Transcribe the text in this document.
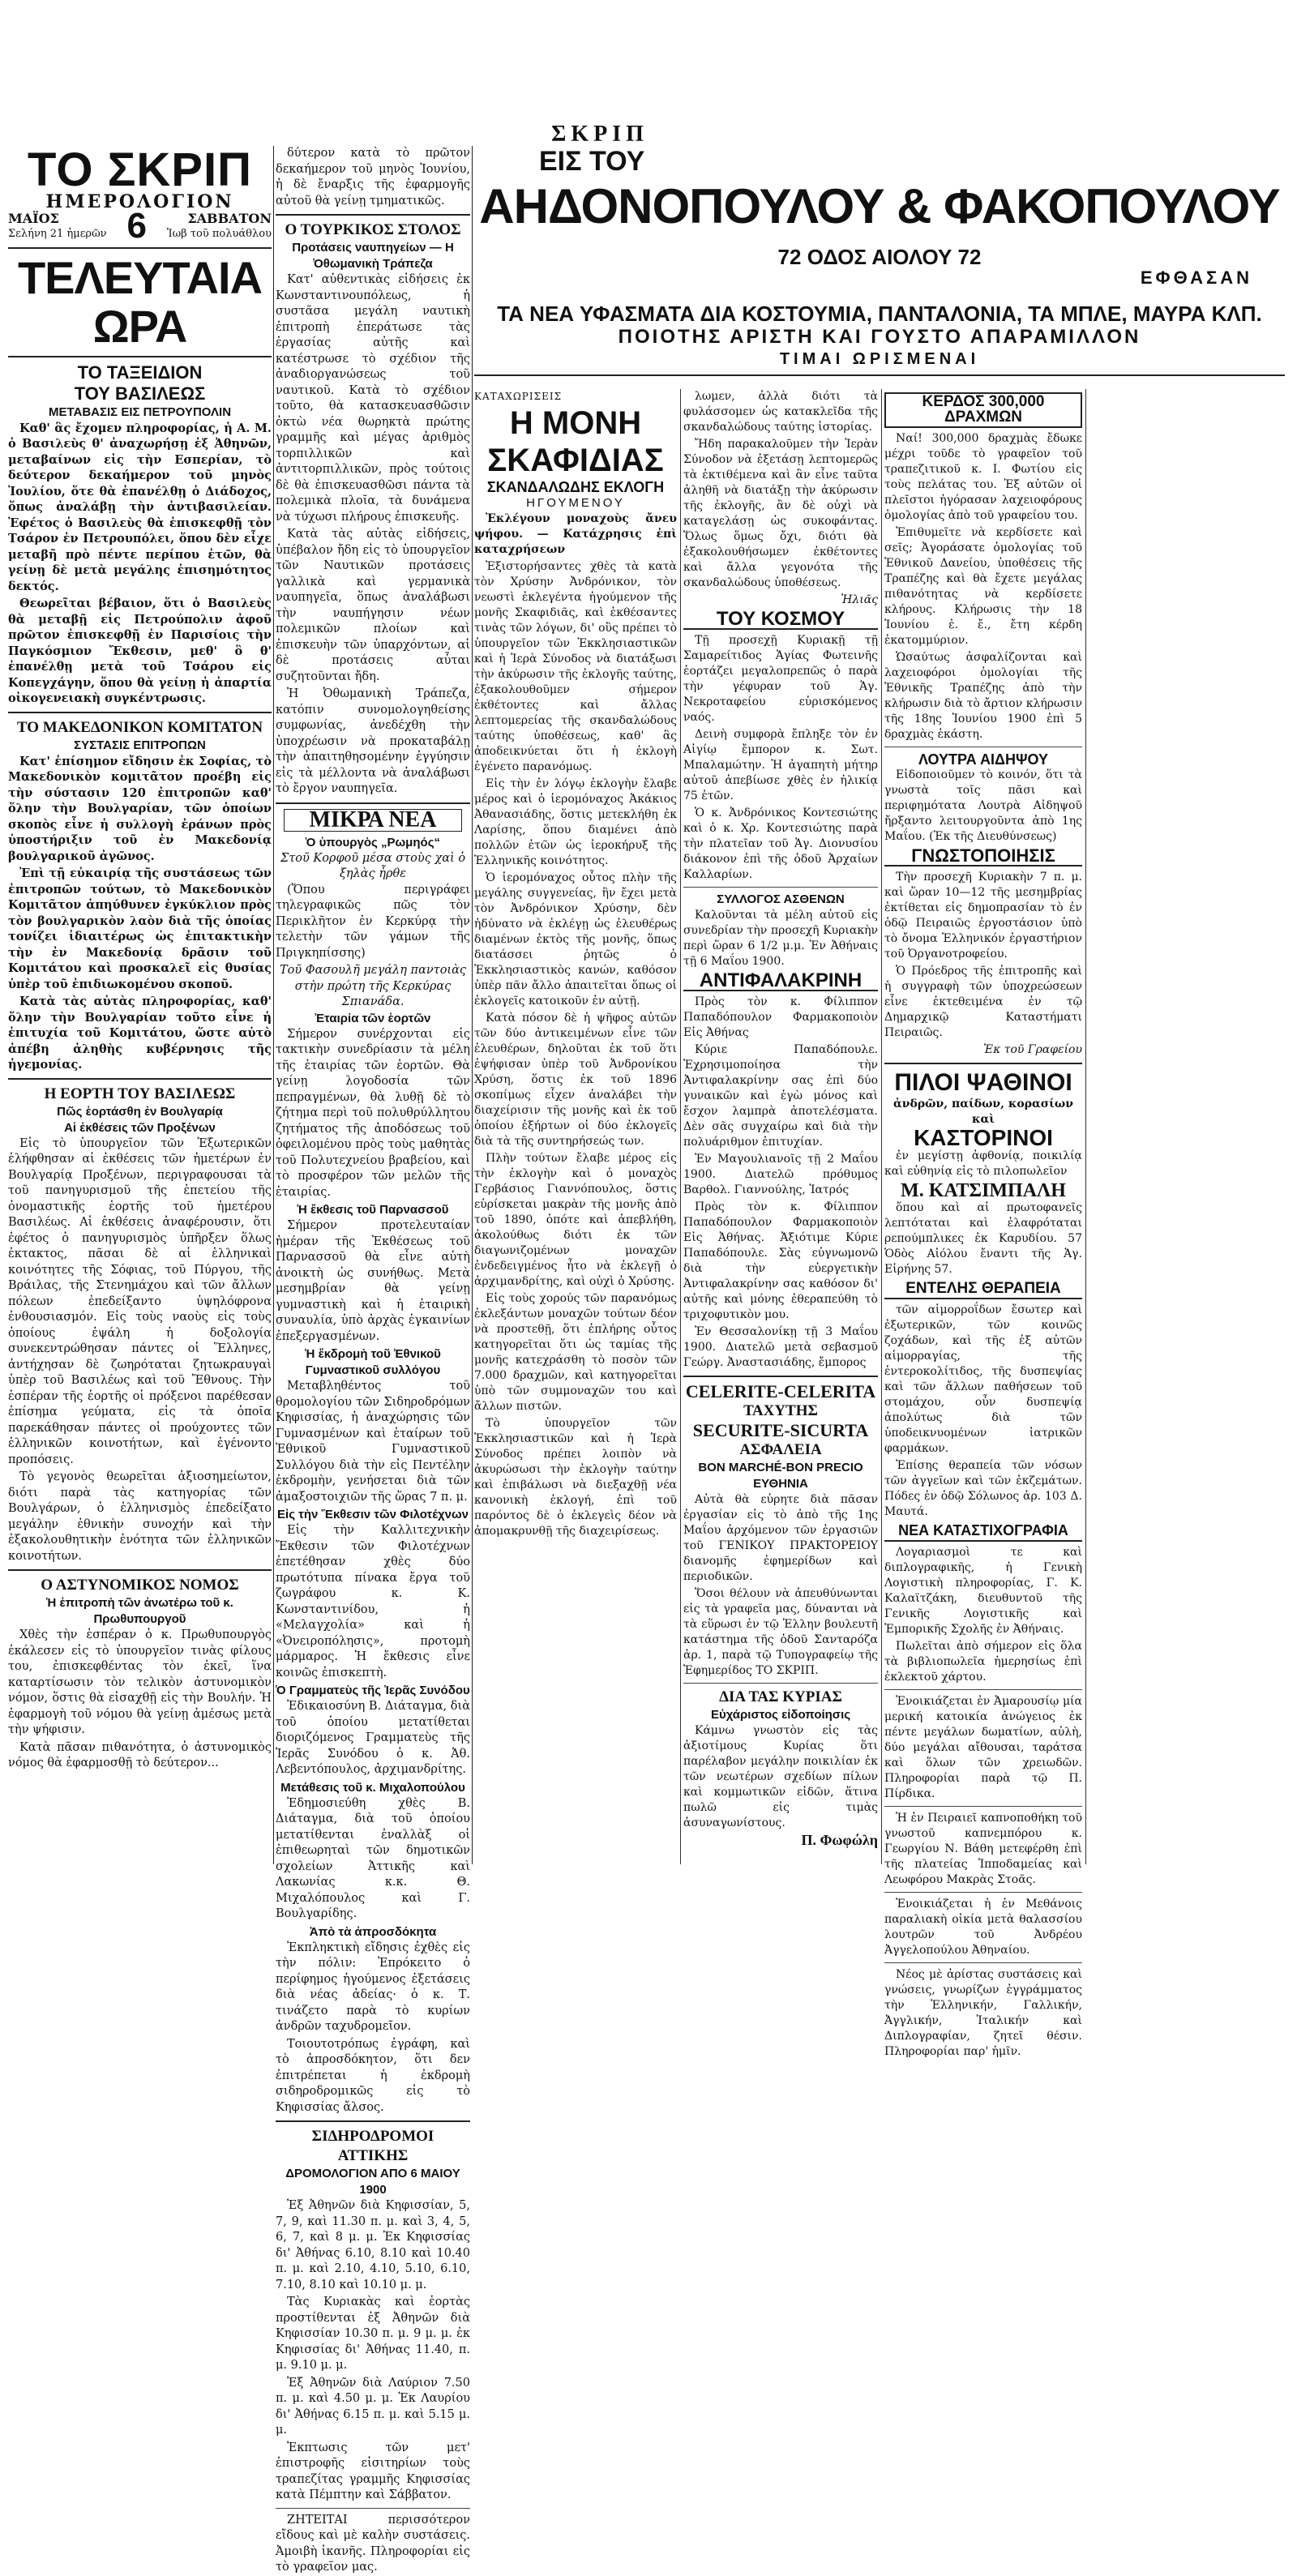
ΣΚΡΙΠ
ΤΟ ΣΚΡΙΠ
ΗΜΕΡΟΛΟΓΙΟΝ
ΜΑΪΟΣ
Σελήνη 21 ἡμερῶν 6	ΣΑΒΒΑΤΟΝ
Ἰωβ τοῦ πολυάθλου
ΤΕΛΕΥΤΑΙΑ ΩΡΑ
ΤΟ ΤΑΞΕΙΔΙΟΝ
ΤΟΥ ΒΑΣΙΛΕΩΣ
ΜΕΤΑΒΑΣΙΣ ΕΙΣ ΠΕΤΡΟΥΠΟΛΙΝ

Καθ' ἃς ἔχομεν πληροφορίας, ἡ Α. Μ. ὁ Βασιλεὺς θ' ἀναχωρήσῃ ἐξ Ἀθηνῶν, μεταβαίνων εἰς τὴν Εσπερίαν, τὸ δεύτερον δεκαήμερον τοῦ μηνὸς Ἰουλίου, ὅτε θὰ ἐπανέλθῃ ὁ Διάδοχος, ὅπως ἀναλάβῃ τὴν ἀντιβασιλείαν. Ἐφέτος ὁ Βασιλεὺς θὰ ἐπισκεφθῇ τὸν Τσάρον ἐν Πετρουπόλει, ὅπου δὲν εἶχε μεταβῆ πρὸ πέντε περίπου ἐτῶν, θὰ γείνῃ δὲ μετὰ μεγάλης ἐπισημότητος δεκτός.

Θεωρεῖται βέβαιον, ὅτι ὁ Βασιλεὺς θὰ μεταβῇ εἰς Πετρούπολιν ἀφοῦ πρῶτον ἐπισκεφθῇ ἐν Παρισίοις τὴν Παγκόσμιον Ἔκθεσιν, μεθ' ὃ θ' ἐπανέλθῃ μετὰ τοῦ Τσάρου εἰς Κοπεγχάγην, ὅπου θὰ γείνῃ ἡ ἀπαρτία οἰκογενειακὴ συγκέντρωσις.

ΤΟ ΜΑΚΕΔΟΝΙΚΟΝ ΚΟΜΙΤΑΤΟΝ
ΣΥΣΤΑΣΙΣ ΕΠΙΤΡΟΠΩΝ

Κατ' ἐπίσημον εἴδησιν ἐκ Σοφίας, τὸ Μακεδονικὸν κομιτᾶτον προέβη εἰς τὴν σύστασιν 120 ἐπιτροπῶν καθ' ὅλην τὴν Βουλγαρίαν, τῶν ὁποίων σκοπὸς εἶνε ἡ συλλογὴ ἐράνων πρὸς ὑποστήριξιν τοῦ ἐν Μακεδονίᾳ βουλγαρικοῦ ἀγῶνος.

Ἐπὶ τῇ εὐκαιρίᾳ τῆς συστάσεως τῶν ἐπιτροπῶν τούτων, τὸ Μακεδονικὸν Κομιτᾶτον ἀπηύθυνεν ἐγκύκλιον πρὸς τὸν βουλγαρικὸν λαὸν διὰ τῆς ὁποίας τονίζει ἰδιαιτέρως ὡς ἐπιτακτικὴν τὴν ἐν Μακεδονίᾳ δρᾶσιν τοῦ Κομιτάτου καὶ προσκαλεῖ εἰς θυσίας ὑπὲρ τοῦ ἐπιδιωκομένου σκοποῦ.

Κατὰ τὰς αὐτὰς πληροφορίας, καθ' ὅλην τὴν Βουλγαρίαν τοῦτο εἶνε ἡ ἐπιτυχία τοῦ Κομιτάτου, ὥστε αὐτὸ ἀπέβη ἀληθὴς κυβέρνησις τῆς ἡγεμονίας.

Η ΕΟΡΤΗ ΤΟΥ ΒΑΣΙΛΕΩΣ
Πῶς ἑορτάσθη ἐν Βουλγαρίᾳ
Αἱ ἐκθέσεις τῶν Προξένων

Εἰς τὸ ὑπουργεῖον τῶν Ἐξωτερικῶν ἐλήφθησαν αἱ ἐκθέσεις τῶν ἡμετέρων ἐν Βουλγαρίᾳ Προξένων, περιγραφουσαι τὰ τοῦ πανηγυρισμοῦ τῆς ἑπετείου τῆς ὀνομαστικῆς ἑορτῆς τοῦ ἡμετέρου Βασιλέως. Αἱ ἐκθέσεις ἀναφέρουσιν, ὅτι ἐφέτος ὁ πανηγυρισμὸς ὑπῆρξεν ὅλως ἐκτακτος, πᾶσαι δὲ αἱ ἑλληνικαὶ κοινότητες τῆς Σόφιας, τοῦ Πύργου, τῆς Βράιλας, τῆς Στενημάχου καὶ τῶν ἄλλων πόλεων ἐπεδείξαντο ὑψηλόφρονα ἐνθουσιασμόν. Εἰς τοὺς ναοὺς εἰς τοὺς ὁποίους ἐψάλη ἡ δοξολογία συνεκεντρώθησαν πάντες οἱ Ἕλληνες, ἀντήχησαν δὲ ζωηρόταται ζητωκραυγαὶ ὑπὲρ τοῦ Βασιλέως καὶ τοῦ Ἔθνους. Τὴν ἑσπέραν τῆς ἑορτῆς οἱ πρόξενοι παρέθεσαν ἐπίσημα γεύματα, εἰς τὰ ὁποῖα παρεκάθησαν πάντες οἱ προύχοντες τῶν ἑλληνικῶν κοινοτήτων, καὶ ἐγένοντο προπόσεις.

Τὸ γεγονὸς θεωρεῖται ἀξιοσημείωτον, διότι παρὰ τὰς κατηγορίας τῶν Βουλγάρων, ὁ ἑλληνισμὸς ἐπεδείξατο μεγάλην ἐθνικὴν συνοχήν καὶ τὴν ἐξακολουθητικὴν ἐνότητα τῶν ἑλληνικῶν κοινοτήτων.

Ο ΑΣΤΥΝΟΜΙΚΟΣ ΝΟΜΟΣ
Ἡ ἐπιτροπὴ τῶν ἀνωτέρω τοῦ κ. Πρωθυπουργοῦ

Χθὲς τὴν ἑσπέραν ὁ κ. Πρωθυπουργὸς ἐκάλεσεν εἰς τὸ ὑπουργεῖον τινὰς φίλους του, ἐπισκεφθέντας τὸν ἐκεῖ, ἵνα καταρτίσωσιν τὸν τελικὸν ἀστυνομικὸν νόμον, ὅστις θὰ εἰσαχθῇ εἰς τὴν Βουλήν. Ἡ ἐφαρμογὴ τοῦ νόμου θὰ γείνῃ ἀμέσως μετὰ τὴν ψήφισιν.

Κατὰ πᾶσαν πιθανότητα, ὁ ἀστυνομικὸς νόμος θὰ ἐφαρμοσθῇ τὸ δεύτερον...

δύτερον κατὰ τὸ πρῶτον δεκαήμερον τοῦ μηνὸς Ἰουνίου, ἡ δὲ ἔναρξις τῆς ἐφαρμογῆς αὐτοῦ θὰ γείνῃ τμηματικῶς.

Ο ΤΟΥΡΚΙΚΟΣ ΣΤΟΛΟΣ
Προτάσεις ναυπηγείων — Η Ὀθωμανικὴ Τράπεζα

Κατ' αὐθεντικὰς εἰδήσεις ἐκ Κωνσταντινουπόλεως, ἡ συστᾶσα μεγάλη ναυτικὴ ἐπιτροπὴ ἐπεράτωσε τὰς ἐργασίας αὐτῆς καὶ κατέστρωσε τὸ σχέδιον τῆς ἀναδιοργανώσεως τοῦ ναυτικοῦ. Κατὰ τὸ σχέδιον τοῦτο, θὰ κατασκευασθῶσιν ὀκτὼ νέα θωρηκτὰ πρώτης γραμμῆς καὶ μέγας ἀριθμὸς τορπιλλικῶν καὶ ἀντιτορπιλλικῶν, πρὸς τούτοις δὲ θὰ ἐπισκευασθῶσι πάντα τὰ πολεμικὰ πλοῖα, τὰ δυνάμενα νὰ τύχωσι πλήρους ἐπισκευῆς.

Κατὰ τὰς αὐτὰς εἰδήσεις, ὑπέβαλον ἤδη εἰς τὸ ὑπουργεῖον τῶν Ναυτικῶν προτάσεις γαλλικὰ καὶ γερμανικὰ ναυπηγεῖα, ὅπως ἀναλάβωσι τὴν ναυπήγησιν νέων πολεμικῶν πλοίων καὶ ἐπισκευὴν τῶν ὑπαρχόντων, αἱ δὲ προτάσεις αὗται συζητοῦνται ἤδη.

Ἡ Ὀθωμανικὴ Τράπεζα, κατόπιν συνομολογηθείσης συμφωνίας, ἀνεδέχθη τὴν ὑποχρέωσιν νὰ προκαταβάλῃ τὴν ἀπαιτηθησομένην ἐγγύησιν εἰς τὰ μέλλοντα νὰ ἀναλάβωσι τὸ ἔργον ναυπηγεῖα.

ΜΙΚΡΑ ΝΕΑ
Ὁ ὑπουργὸς „Ρωμηός“
Στοῦ Κορφοῦ μέσα στοὺς χαὶ ὁ ξηλὰς ἦρθε

(Ὅπου περιγράφει τηλεγραφικῶς πῶς τὸν Περικλῆτον ἐν Κερκύρᾳ τὴν τελετὴν τῶν γάμων τῆς Πριγκηπίσσης)

Τοῦ Φασουλῆ μεγάλη παντοιὰς στὴν πρώτη τῆς Κερκύρας Σπιανάδα.
Ἑταιρία τῶν ἑορτῶν

Σήμερον συνέρχονται εἰς τακτικὴν συνεδρίασιν τὰ μέλη τῆς ἑταιρίας τῶν ἑορτῶν. Θὰ γείνῃ λογοδοσία τῶν πεπραγμένων, θὰ λυθῇ δὲ τὸ ζήτημα περὶ τοῦ πολυθρύλλητου ζητήματος τῆς ἀποδόσεως τοῦ ὀφειλομένου πρὸς τοὺς μαθητὰς τοῦ Πολυτεχνείου βραβείου, καὶ τὸ προσφέρον τῶν μελῶν τῆς ἑταιρίας.

Ἡ ἔκθεσις τοῦ Παρνασσοῦ

Σήμερον προτελευταίαν ἡμέραν τῆς Ἐκθέσεως τοῦ Παρνασσοῦ θὰ εἶνε αὐτὴ ἀνοικτὴ ὡς συνήθως. Μετὰ μεσημβρίαν θὰ γείνῃ γυμναστικὴ καὶ ἡ ἑταιρικὴ συναυλία, ὑπὸ ἀρχὰς ἐγκαινίων ἐπεξεργασμένων.

Ἡ ἔκδρομὴ τοῦ Ἐθνικοῦ Γυμναστικοῦ συλλόγου

Μεταβληθέντος τοῦ θρομολογίου τῶν Σιδηροδρόμων Κηφισσίας, ἡ ἀναχώρησις τῶν Γυμνασμένων καὶ ἑταίρων τοῦ Ἐθνικοῦ Γυμναστικοῦ Συλλόγου διὰ τὴν εἰς Πεντέλην ἐκδρομὴν, γενήσεται διὰ τῶν ἀμαξοστοιχιῶν τῆς ὥρας 7 π. μ.

Εἰς τὴν Ἔκθεσιν τῶν Φιλοτέχνων

Εἰς τὴν Καλλιτεχνικὴν Ἔκθεσιν τῶν Φιλοτέχνων ἐπετέθησαν χθὲς δύο πρωτότυπα πίνακα ἔργα τοῦ ζωγράφου κ. Κ. Κωνσταντινίδου, ἡ «Μελαγχολία» καὶ ἡ «Ὀνειροπόλησις», προτομὴ μάρμαρος. Ἡ ἔκθεσις εἶνε κοινῶς ἐπισκεπτὴ.

Ὁ Γραμματεὺς τῆς Ἱερᾶς Συνόδου

Ἐδικαιοσύνη Β. Διάταγμα, διὰ τοῦ ὁποίου μετατίθεται διοριζόμενος Γραμματεὺς τῆς Ἱερᾶς Συνόδου ὁ κ. Ἀθ. Λεβεντόπουλος, ἀρχιμανδρίτης.

Μετάθεσις τοῦ κ. Μιχαλοπούλου

Ἐδημοσιεύθη χθὲς Β. Διάταγμα, διὰ τοῦ ὁποίου μετατίθενται ἐναλλὰξ οἱ ἐπιθεωρηταὶ τῶν δημοτικῶν σχολείων Ἀττικῆς καὶ Λακωνίας κ.κ. Θ. Μιχαλόπουλος καὶ Γ. Βουλγαρίδης.

Ἀπὸ τὰ ἀπροσδόκητα

Ἐκπληκτικὴ εἴδησις ἐχθὲς εἰς τὴν πόλιν: Ἐπρόκειτο ὁ περίφημος ἡγούμενος ἐξετάσεις διὰ νέας ἀδείας· ὁ κ. Τ. τινάζετο παρὰ τὸ κυρίων ἀνδρῶν ταχυδρομεῖον.

Τοιουτοτρόπως ἐγράφη, καὶ τὸ ἀπροσδόκητον, ὅτι δεν ἐπιτρέπεται ἡ ἐκδρομὴ σιδηροδρομικῶς εἰς τὸ Κηφισσίας ἄλσος.

ΣΙΔΗΡΟΔΡΟΜΟΙ ΑΤΤΙΚΗΣ
ΔΡΟΜΟΛΟΓΙΟΝ ΑΠΟ 6 ΜΑΙΟΥ 1900

Ἐξ Ἀθηνῶν διὰ Κηφισσίαν, 5, 7, 9, καὶ 11.30 π. μ. καὶ 3, 4, 5, 6, 7, καὶ 8 μ. μ. Ἐκ Κηφισσίας δι' Ἀθήνας 6.10, 8.10 καὶ 10.40 π. μ. καὶ 2.10, 4.10, 5.10, 6.10, 7.10, 8.10 καὶ 10.10 μ. μ.

Τὰς Κυριακὰς καὶ ἑορτὰς προστίθενται ἐξ Ἀθηνῶν διὰ Κηφισσίαν 10.30 π. μ. 9 μ. μ. ἐκ Κηφισσίας δι' Ἀθήνας 11.40, π. μ. 9.10 μ. μ.

Ἐξ Ἀθηνῶν διὰ Λαύριον 7.50 π. μ. καὶ 4.50 μ. μ. Ἐκ Λαυρίου δι' Ἀθήνας 6.15 π. μ. καὶ 5.15 μ. μ.

Ἐκπτωσις τῶν μετ' ἐπιστροφῆς εἰσιτηρίων τοὺς τραπεζίτας γραμμῆς Κηφισσίας κατὰ Πέμπτην καὶ Σάββατον.

ΖΗΤΕΙΤΑΙ περισσότερον εἴδους καὶ μὲ καλὴν συστάσεις. Ἀμοιβὴ ἱκανῆς. Πληροφορίαι εἰς τὸ γραφεῖον μας.

ΕΙΣ ΤΟΥ
ΑΗΔΟΝΟΠΟΥΛΟΥ & ΦΑΚΟΠΟΥΛΟΥ
72 ΟΔΟΣ ΑΙΟΛΟΥ 72
ΕΦΘΑΣΑΝ
ΤΑ ΝΕΑ ΥΦΑΣΜΑΤΑ ΔΙΑ ΚΟΣΤΟΥΜΙΑ, ΠΑΝΤΑΛΟΝΙΑ, ΤΑ ΜΠΛΕ, ΜΑΥΡΑ ΚΛΠ.
ΠΟΙΟΤΗΣ ΑΡΙΣΤΗ ΚΑΙ ΓΟΥΣΤΟ ΑΠΑΡΑΜΙΛΛΟΝ
ΤΙΜΑΙ ΩΡΙΣΜΕΝΑΙ
ΚΑΤΑΧΩΡΙΣΕΙΣ
Η ΜΟΝΗ ΣΚΑΦΙΔΙΑΣ
ΣΚΑΝΔΑΛΩΔΗΣ ΕΚΛΟΓΗ
ΗΓΟΥΜΕΝΟΥ

Ἐκλέγουν μοναχοὺς ἄνευ ψήφου. — Κατάχρησις ἐπὶ καταχρήσεων

Ἐξιστορήσαντες χθὲς τὰ κατὰ τὸν Χρύσην Ἀνδρόνικον, τὸν νεωστὶ ἐκλεγέντα ἡγούμενον τῆς μονῆς Σκαφιδιᾶς, καὶ ἐκθέσαντες τινὰς τῶν λόγων, δι' οὓς πρέπει τὸ ὑπουργεῖον τῶν Ἐκκλησιαστικῶν καὶ ἡ Ἱερὰ Σύνοδος νὰ διατάξωσι τὴν ἀκύρωσιν τῆς ἐκλογῆς ταύτης, ἐξακολουθοῦμεν σήμερον ἐκθέτοντες καὶ ἄλλας λεπτομερείας τῆς σκανδαλώδους ταύτης ὑποθέσεως, καθ' ἃς ἀποδεικνύεται ὅτι ἡ ἐκλογὴ ἐγένετο παρανόμως.

Εἰς τὴν ἐν λόγῳ ἐκλογὴν ἔλαβε μέρος καὶ ὁ ἱερομόναχος Ἀκάκιος Ἀθανασιάδης, ὅστις μετεκλήθη ἐκ Λαρίσης, ὅπου διαμένει ἀπὸ πολλῶν ἐτῶν ὡς ἱεροκήρυξ τῆς Ἑλληνικῆς κοινότητος.

Ὁ ἱερομόναχος οὗτος πλὴν τῆς μεγάλης συγγενείας, ἣν ἔχει μετὰ τὸν Ἀνδρόνικον Χρύσην, δὲν ἠδύνατο νὰ ἐκλέγῃ ὡς ἐλευθέρως διαμένων ἐκτὸς τῆς μονῆς, ὅπως διατάσσει ῥητῶς ὁ Ἐκκλησιαστικὸς κανών, καθόσον ὑπὲρ πᾶν ἄλλο ἀπαιτεῖται ὅπως οἱ ἐκλογεῖς κατοικοῦν ἐν αὐτῇ.

Κατὰ πόσον δὲ ἡ ψῆφος αὐτῶν τῶν δύο ἀντικειμένων εἶνε τῶν ἐλευθέρων, δηλοῦται ἐκ τοῦ ὅτι ἐψήφισαν ὑπὲρ τοῦ Ἀνδρονίκου Χρύση, ὅστις ἐκ τοῦ 1896 σκοπίμως εἶχεν ἀναλάβει τὴν διαχείρισιν τῆς μονῆς καὶ ἐκ τοῦ ὁποίου ἐξήρτων οἱ δύο ἐκλογεῖς διὰ τὰ τῆς συντηρήσεώς των.

Πλὴν τούτων ἔλαβε μέρος εἰς τὴν ἐκλογὴν καὶ ὁ μοναχὸς Γερβάσιος Γιαννόπουλος, ὅστις εὑρίσκεται μακρὰν τῆς μονῆς ἀπὸ τοῦ 1890, ὁπότε καὶ ἀπεβλήθη, ἀκολούθως διότι ἐκ τῶν διαγωνιζομένων μοναχῶν ἐνδεδειγμένος ἦτο νὰ ἐκλεγῇ ὁ ἀρχιμανδρίτης, καὶ οὐχὶ ὁ Χρύσης.

Εἰς τοὺς χορούς τῶν παρανόμως ἐκλεξάντων μοναχῶν τούτων δέον νὰ προστεθῇ, ὅτι ἐπλήρης οὗτος κατηγορεῖται ὅτι ὡς ταμίας τῆς μονῆς κατεχράσθη τὸ ποσὸν τῶν 7.000 δραχμῶν, καὶ κατηγορεῖται ὑπὸ τῶν συμμοναχῶν του καὶ ἄλλων πιστῶν.

Τὸ ὑπουργεῖον τῶν Ἐκκλησιαστικῶν καὶ ἡ Ἱερὰ Σύνοδος πρέπει λοιπὸν νὰ ἀκυρώσωσι τὴν ἐκλογὴν ταύτην καὶ ἐπιβάλωσι νὰ διεξαχθῇ νέα κανονικὴ ἐκλογή, ἐπὶ τοῦ παρόντος δὲ ὁ ἐκλεγεὶς δέον νὰ ἀπομακρυνθῇ τῆς διαχειρίσεως.

λωμεν, ἀλλὰ διότι τὰ φυλάσσομεν ὡς κατακλεῖδα τῆς σκανδαλώδους ταύτης ἱστορίας.

Ἤδη παρακαλοῦμεν τὴν Ἱερὰν Σύνοδον νὰ ἐξετάσῃ λεπτομερῶς τὰ ἐκτιθέμενα καὶ ἂν εἶνε ταῦτα ἀληθῆ νὰ διατάξῃ τὴν ἀκύρωσιν τῆς ἐκλογῆς, ἂν δὲ οὐχὶ νὰ καταγελάσῃ ὡς συκοφάντας. Ὅλως ὅμως ὄχι, διότι θὰ ἐξακολουθήσωμεν ἐκθέτοντες καὶ ἄλλα γεγονότα τῆς σκανδαλώδους ὑποθέσεως.

Ἠλιᾶς
ΤΟΥ ΚΟΣΜΟΥ

Τῇ προσεχῇ Κυριακῇ τῇ Σαμαρείτιδος Ἁγίας Φωτεινῆς ἑορτάζει μεγαλοπρεπῶς ὁ παρὰ τὴν γέφυραν τοῦ Ἁγ. Νεκροταφείου εὑρισκόμενος ναός.

Δεινὴ συμφορὰ ἔπληξε τὸν ἐν Αἰγίῳ ἔμπορον κ. Σωτ. Μπαλαμώτην. Ἡ ἀγαπητὴ μήτηρ αὐτοῦ ἀπεβίωσε χθὲς ἐν ἡλικίᾳ 75 ἐτῶν.

Ὁ κ. Ἀνδρόνικος Κοντεσιώτης καὶ ὁ κ. Χρ. Κοντεσιώτης παρὰ τὴν πλατεῖαν τοῦ Ἁγ. Διονυσίου διάκονον ἐπὶ τῆς ὁδοῦ Ἀρχαίων Καλλαρίων.

ΣΥΛΛΟΓΟΣ ΑΣΘΕΝΩΝ

Καλοῦνται τὰ μέλη αὐτοῦ εἰς συνεδρίαν τὴν προσεχῆ Κυριακὴν περὶ ὥραν 6 1/2 μ.μ. Ἐν Ἀθήναις τῇ 6 Μαΐου 1900.

ΑΝΤΙΦΑΛΑΚΡΙΝΗ

Πρὸς τὸν κ. Φίλιππον Παπαδόπουλον Φαρμακοποιὸν Εἰς Ἀθήνας

Κύριε Παπαδόπουλε. Ἐχρησιμοποίησα τὴν Ἀντιφαλακρίνην σας ἐπὶ δύο γυναικῶν καὶ ἐγὼ μόνος καὶ ἔσχον λαμπρὰ ἀποτελέσματα. Δὲν σᾶς συγχαίρω καὶ διὰ τὴν πολυάριθμον ἐπιτυχίαν.

Ἐν Μαγουλιανοῖς τῇ 2 Μαΐου 1900. Διατελῶ πρόθυμος Βαρθολ. Γιαννούλης, Ἰατρός

Πρὸς τὸν κ. Φίλιππον Παπαδόπουλον Φαρμακοποιὸν Εἰς Ἀθήνας. Ἀξιότιμε Κύριε Παπαδόπουλε. Σὰς εὐγνωμονῶ διὰ τὴν εὐεργετικὴν Ἀντιφαλακρίνην σας καθόσον δι' αὐτῆς καὶ μόνης ἐθεραπεύθη τὸ τριχοφυτικὸν μου.

Ἐν Θεσσαλονίκῃ τῇ 3 Μαΐου 1900. Διατελῶ μετὰ σεβασμοῦ Γεώργ. Ἀναστασιάδης, ἔμπορος

CELERITE-CELERITA
ΤΑΧΥΤΗΣ
SECURITE-SICURTA
ΑΣΦΑΛΕΙΑ
BON MARCHÉ-BON PRECIO
ΕΥΘΗΝΙΑ

Αὐτὰ θὰ εὑρητε διὰ πᾶσαν ἐργασίαν εἰς τὸ ἀπὸ τῆς 1ης Μαΐου ἀρχόμενον τῶν ἐργασιῶν τοῦ ΓΕΝΙΚΟΥ ΠΡΑΚΤΟΡΕΙΟΥ διανομῆς ἐφημερίδων καὶ περιοδικῶν.

Ὅσοι θέλουν νὰ ἀπευθύνωνται εἰς τὰ γραφεῖα μας, δύνανται νὰ τὰ εὕρωσι ἐν τῷ Ἑλλην βουλευτῆ κατάστημα τῆς ὁδοῦ Σανταρόζα ἀρ. 1, παρὰ τῷ Τυπογραφείῳ τῆς Ἐφημερίδος ΤΟ ΣΚΡΙΠ.

ΔΙΑ ΤΑΣ ΚΥΡΙΑΣ
Εὐχάριστος εἰδοποίησις

Κάμνω γνωστὸν εἰς τὰς ἀξιοτίμους Κυρίας ὅτι παρέλαβον μεγάλην ποικιλίαν ἐκ τῶν νεωτέρων σχεδίων πίλων καὶ κομμωτικῶν εἰδῶν, ἅτινα πωλῶ εἰς τιμὰς ἀσυναγωνίστους.

Π. Φωφώλη
ΚΕΡΔΟΣ 300,000 ΔΡΑΧΜΩΝ

Ναί! 300,000 δραχμὰς ἔδωκε μέχρι τοῦδε τὸ γραφεῖον τοῦ τραπεζιτικοῦ κ. Ι. Φωτίου εἰς τοὺς πελάτας του. Ἐξ αὐτῶν οἱ πλεῖστοι ἠγόρασαν λαχειοφόρους ὁμολογίας ἀπὸ τοῦ γραφείου του.

Ἐπιθυμεῖτε νὰ κερδίσετε καὶ σεῖς; Ἀγοράσατε ὁμολογίας τοῦ Ἐθνικοῦ Δανείου, ὑποθέσεις τῆς Τραπέζης καὶ θὰ ἔχετε μεγάλας πιθανότητας νὰ κερδίσετε κλήρους. Κλήρωσις τὴν 18 Ἰουνίου ἐ. ἔ., ἔτη κέρδη ἐκατομμύριον.

Ὡσαύτως ἀσφαλίζονται καὶ λαχειοφόροι ὁμολογίαι τῆς Ἐθνικῆς Τραπέζης ἀπὸ τὴν κλήρωσιν διὰ τὸ ἄρτιον κλήρωσιν τῆς 18ης Ἰουνίου 1900 ἐπὶ 5 δραχμὰς ἑκάστη.

ΛΟΥΤΡΑ ΑΙΔΗΨΟΥ

Εἰδοποιοῦμεν τὸ κοινόν, ὅτι τὰ γνωστὰ τοῖς πᾶσι καὶ περιφημότατα Λουτρὰ Αἰδηψοῦ ἤρξαντο λειτουργοῦντα ἀπὸ 1ης Μαΐου. (Ἐκ τῆς Διευθύνσεως)

ΓΝΩΣΤΟΠΟΙΗΣΙΣ

Τὴν προσεχῆ Κυριακὴν 7 π. μ. καὶ ὥραν 10—12 τῆς μεσημβρίας ἐκτίθεται εἰς δημοπρασίαν τὸ ἐν ὁδῷ Πειραιῶς ἐργοστάσιον ὑπὸ τὸ ὄνομα Ἑλληνικόν ἐργαστήριον τοῦ Ὀργανοτροφείου.

Ὁ Πρόεδρος τῆς ἐπιτροπῆς καὶ ἡ συγγραφὴ τῶν ὑποχρεώσεων εἶνε ἐκτεθειμένα ἐν τῷ Δημαρχικῷ Καταστήματι Πειραιῶς.

Ἐκ τοῦ Γραφείου
ΠΙΛΟΙ ΨΑΘΙΝΟΙ
ἀνδρῶν, παίδων, κορασίων καὶ
ΚΑΣΤΟΡΙΝΟΙ

ἐν μεγίστῃ ἀφθονίᾳ, ποικιλίᾳ καὶ εὐθηνίᾳ εἰς τὸ πιλοπωλεῖον

Μ. ΚΑΤΣΙΜΠΑΛΗ

ὅπου καὶ αἱ πρωτοφανεῖς λεπτόταται καὶ ἐλαφρόταται ρεπούμπλικες ἐκ Καρυδίου. 57 Ὁδὸς Αἰόλου ἔναντι τῆς Ἁγ. Εἰρήνης 57.

ΕΝΤΕΛΗΣ ΘΕΡΑΠΕΙΑ

τῶν αἱμορροΐδων ἔσωτερ καὶ ἐξωτερικῶν, τῶν κοινῶς ζοχάδων, καὶ τῆς ἐξ αὐτῶν αἱμορραγίας, τῆς ἐντεροκολίτιδος, τῆς δυσπεψίας καὶ τῶν ἄλλων παθήσεων τοῦ στομάχου, οὖν δυσπεψίᾳ ἀπολύτως διὰ τῶν ὑποδεικνυομένων ἰατρικῶν φαρμάκων.

Ἐπίσης θεραπεία τῶν νόσων τῶν ἀγγεῖων καὶ τῶν ἐκζεμάτων. Πόδες ἐν ὁδῷ Σόλωνος ἀρ. 103 Δ. Μαυτά.

ΝΕΑ ΚΑΤΑΣΤΙΧΟΓΡΑΦΙΑ

Λογαριασμοὶ τε καὶ διπλογραφικῆς, ἡ Γενικὴ Λογιστικὴ πληροφορίας, Γ. Κ. Καλαϊτζάκη, διευθυντοῦ τῆς Γενικῆς Λογιστικῆς καὶ Ἐμπορικῆς Σχολῆς ἐν Ἀθήναις.

Πωλεῖται ἀπὸ σήμερον εἰς ὅλα τὰ βιβλιοπωλεῖα ἡμερησίως ἐπὶ ἐκλεκτοῦ χάρτου.

Ἐνοικιάζεται ἐν Ἀμαρουσίῳ μία μερική κατοικία ἀνώγειος ἐκ πέντε μεγάλων δωματίων, αὐλὴ, δύο μεγάλαι αἴθουσαι, ταράτσα καὶ ὅλων τῶν χρειωδῶν. Πληροφορίαι παρὰ τῷ Π. Πίρδικα.

Ἡ ἐν Πειραιεῖ καπνοποθήκη τοῦ γνωστοῦ καπνεμπόρου κ. Γεωργίου Ν. Βάθη μετεφέρθη ἐπὶ τῆς πλατείας Ἱπποδαμείας καὶ Λεωφόρου Μακρὰς Στοᾶς.

Ἐνοικιάζεται ἡ ἐν Μεθάνοις παραλιακὴ οἰκία μετὰ θαλασσίου λουτρῶν τοῦ Ἀνδρέου Ἀγγελοπούλου Ἀθηναίου.

Νέος μὲ ἀρίστας συστάσεις καὶ γνώσεις, γνωρίζων ἐγγράμματος τὴν Ἑλληνικήν, Γαλλικήν, Ἀγγλικήν, Ἰταλικήν καὶ Διπλογραφίαν, ζητεῖ θέσιν. Πληροφορίαι παρ' ἡμῖν.
